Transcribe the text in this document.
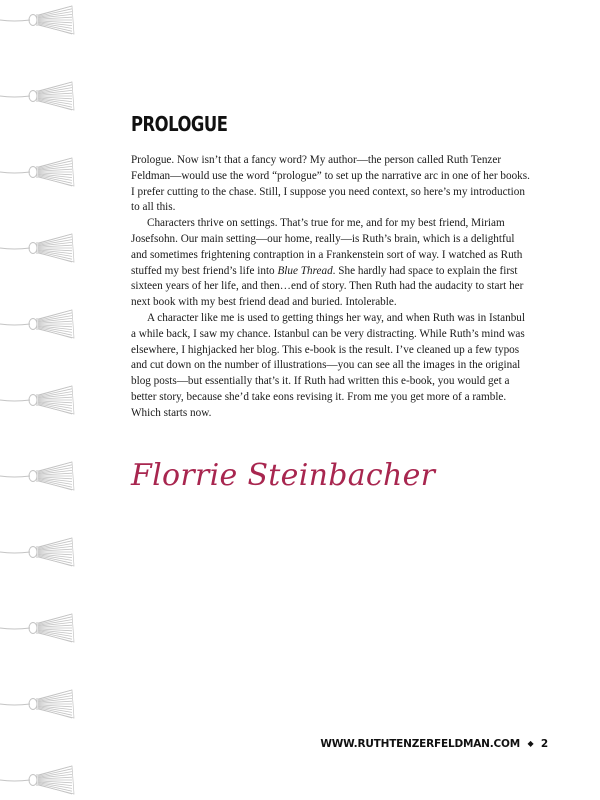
PROLOGUE

Prologue. Now isn’t that a fancy word? My author—the person called Ruth Tenzer Feldman—would use the word “prologue” to set up the narrative arc in one of her books. I prefer cutting to the chase. Still, I suppose you need context, so here’s my introduction to all this.

Characters thrive on settings. That’s true for me, and for my best friend, Miriam Josefsohn. Our main setting—our home, really—is Ruth’s brain, which is a delightful and sometimes frightening contraption in a Frankenstein sort of way. I watched as Ruth stuffed my best friend’s life into Blue Thread. She hardly had space to explain the first sixteen years of her life, and then…end of story. Then Ruth had the audacity to start her next book with my best friend dead and buried. Intolerable.

A character like me is used to getting things her way, and when Ruth was in Istanbul a while back, I saw my chance. Istanbul can be very distracting. While Ruth’s mind was elsewhere, I highjacked her blog. This e-book is the result. I’ve cleaned up a few typos and cut down on the number of illustrations—you can see all the images in the original blog posts—but essentially that’s it. If Ruth had written this e-book, you would get a better story, because she’d take eons revising it. From me you get more of a ramble. Which starts now.

Florrie Steinbacher
WWW.RUTHTENZERFELDMAN.COM ◆ 2
